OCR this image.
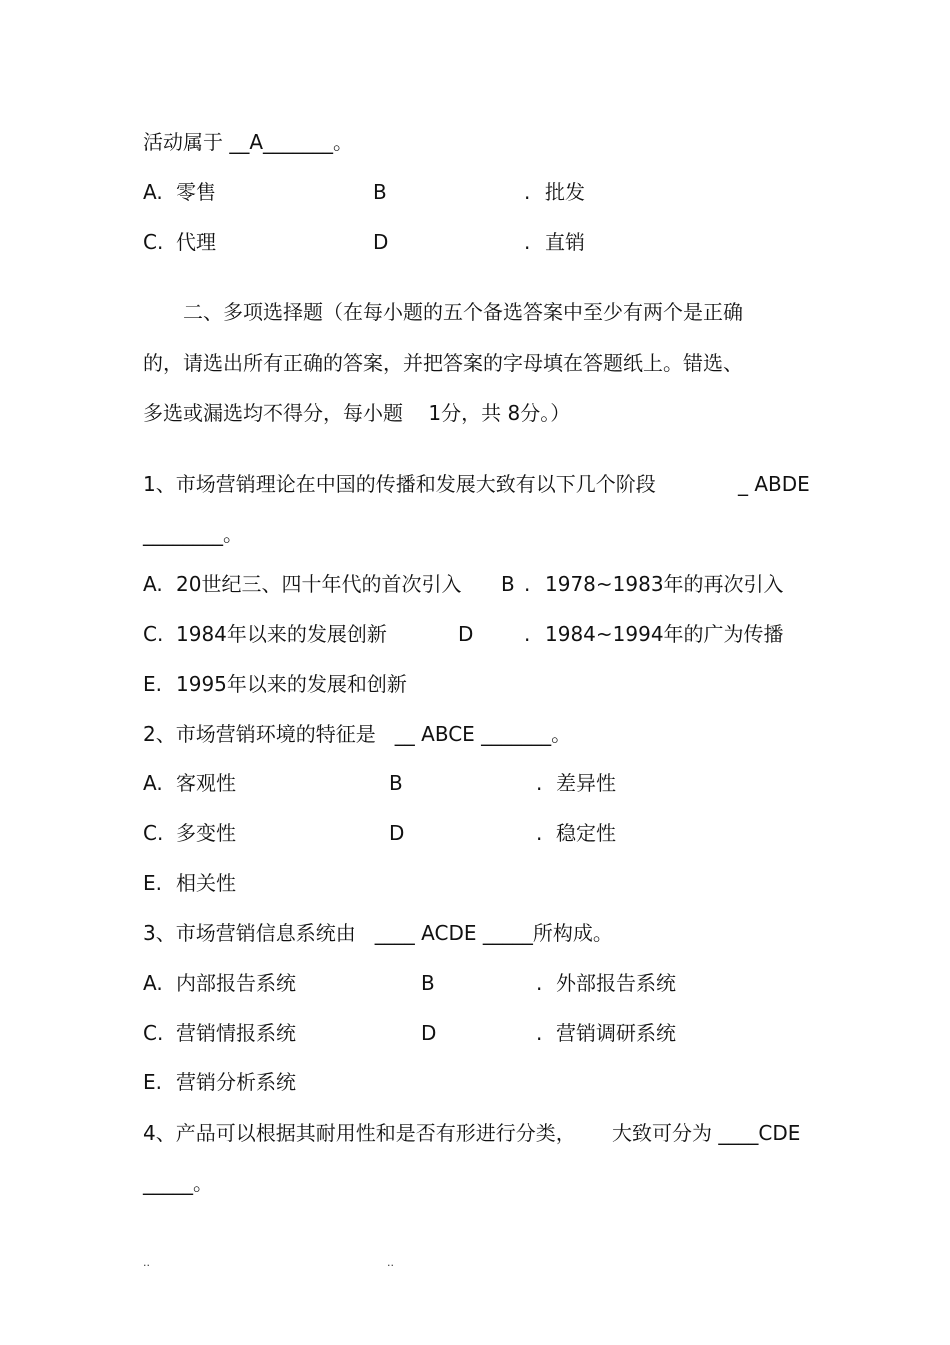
活动属于 __A_______。
A. 零售	B	. 批发
C. 代理	D	. 直销
二、多项选择题（在每小题的五个备选答案中至少有两个是正确
的，请选出所有正确的答案，并把答案的字母填在答题纸上。错选、
多选或漏选均不得分，每小题    1分，共 8分。）
1、市场营销理论在中国的传播和发展大致有以下几个阶段	_ ABDE
________。
A. 20世纪三、四十年代的首次引入 B . 1978~1983年的再次引入
C. 1984年以来的发展创新	D	. 1984~1994年的广为传播
E. 1995年以来的发展和创新
2、市场营销环境的特征是   __ ABCE _______。
A. 客观性	B	. 差异性
C. 多变性	D	. 稳定性
E. 相关性
3、市场营销信息系统由   ____ ACDE _____所构成。
A. 内部报告系统	B	. 外部报告系统
C. 营销情报系统	D	. 营销调研系统
E. 营销分析系统
4、产品可以根据其耐用性和是否有形进行分类， 大致可分为 ____CDE
_____。
..	..
